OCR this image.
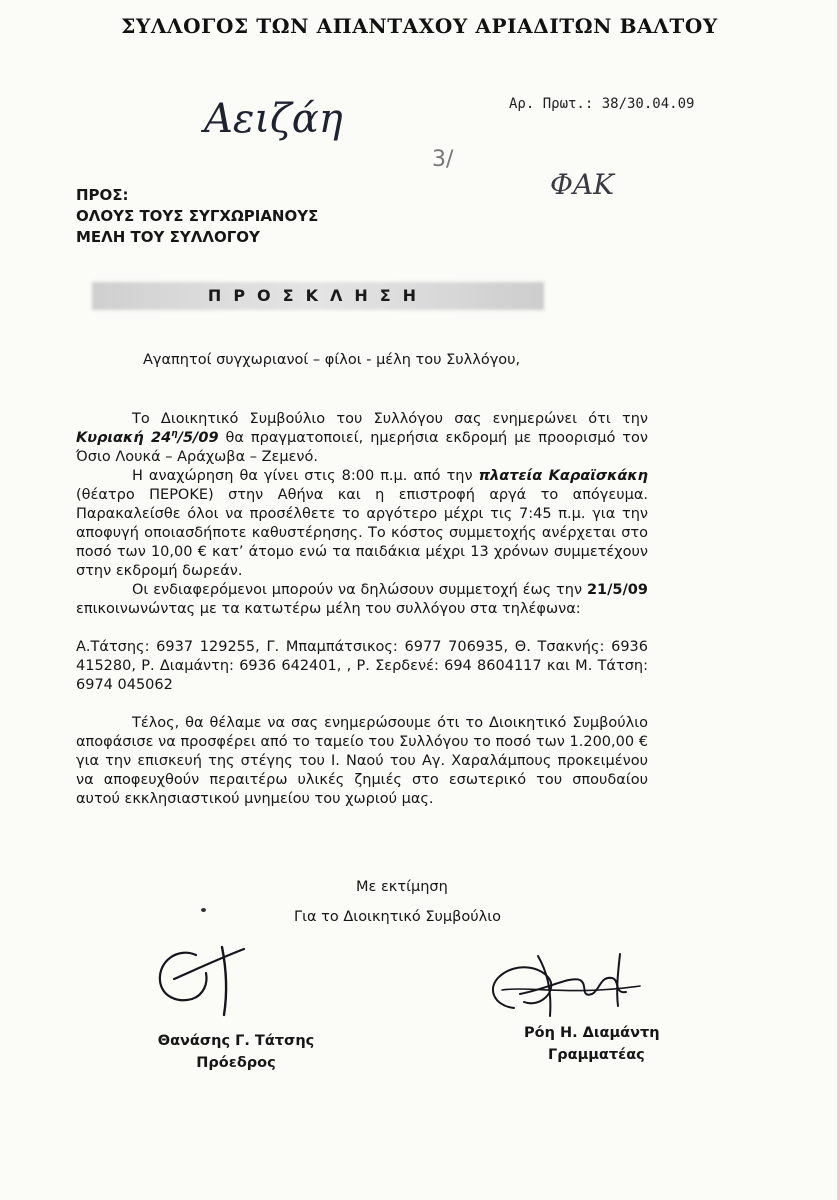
ΣΥΛΛΟΓΟΣ ΤΩΝ ΑΠΑΝΤΑΧΟΥ ΑΡΙΑΔΙΤΩΝ ΒΑΛΤΟΥ
Αειζάη	Αρ. Πρωτ.: 38/30.04.09
3/
ΦΑΚ
ΠΡΟΣ:
ΟΛΟΥΣ ΤΟΥΣ ΣΥΓΧΩΡΙΑΝΟΥΣ
ΜΕΛΗ ΤΟΥ ΣΥΛΛΟΓΟΥ
ΠΡΟΣΚΛΗΣΗ
Αγαπητοί συγχωριανοί – φίλοι - μέλη του Συλλόγου,

Το Διοικητικό Συμβούλιο του Συλλόγου σας ενημερώνει ότι την Κυριακή $24^\eta/5/09$ θα πραγματοποιεί, ημερήσια εκδρομή με προορισμό τον Όσιο Λουκά – Αράχωβα – Ζεμενό.

Η αναχώρηση θα γίνει στις 8:00 π.μ. από την πλατεία Καραϊσκάκη (θέατρο ΠΕΡΟΚΕ) στην Αθήνα και η επιστροφή αργά το απόγευμα. Παρακαλείσθε όλοι να προσέλθετε το αργότερο μέχρι τις 7:45 π.μ. για την αποφυγή οποιασδήποτε καθυστέρησης. Το κόστος συμμετοχής ανέρχεται στο ποσό των 10,00 € κατ’ άτομο ενώ τα παιδάκια μέχρι 13 χρόνων συμμετέχουν στην εκδρομή δωρεάν.

Οι ενδιαφερόμενοι μπορούν να δηλώσουν συμμετοχή έως την 21/5/09 επικοινωνώντας με τα κατωτέρω μέλη του συλλόγου στα τηλέφωνα:

Α.Τάτσης: 6937 129255, Γ. Μπαμπάτσικος: 6977 706935, Θ. Τσακνής: 6936 415280, Ρ. Διαμάντη: 6936 642401, , Ρ. Σερδενέ: 694 8604117 και Μ. Τάτση: 6974 045062

Τέλος, θα θέλαμε να σας ενημερώσουμε ότι το Διοικητικό Συμβούλιο αποφάσισε να προσφέρει από το ταμείο του Συλλόγου το ποσό των 1.200,00 € για την επισκευή της στέγης του Ι. Ναού του Αγ. Χαραλάμπους προκειμένου να αποφευχθούν περαιτέρω υλικές ζημιές στο εσωτερικό του σπουδαίου αυτού εκκλησιαστικού μνημείου του χωριού μας.

Με εκτίμηση
Για το Διοικητικό Συμβούλιο
Θανάσης Γ. Τάτσης
Πρόεδρος
Ρόη Η. Διαμάντη
Γραμματέας
